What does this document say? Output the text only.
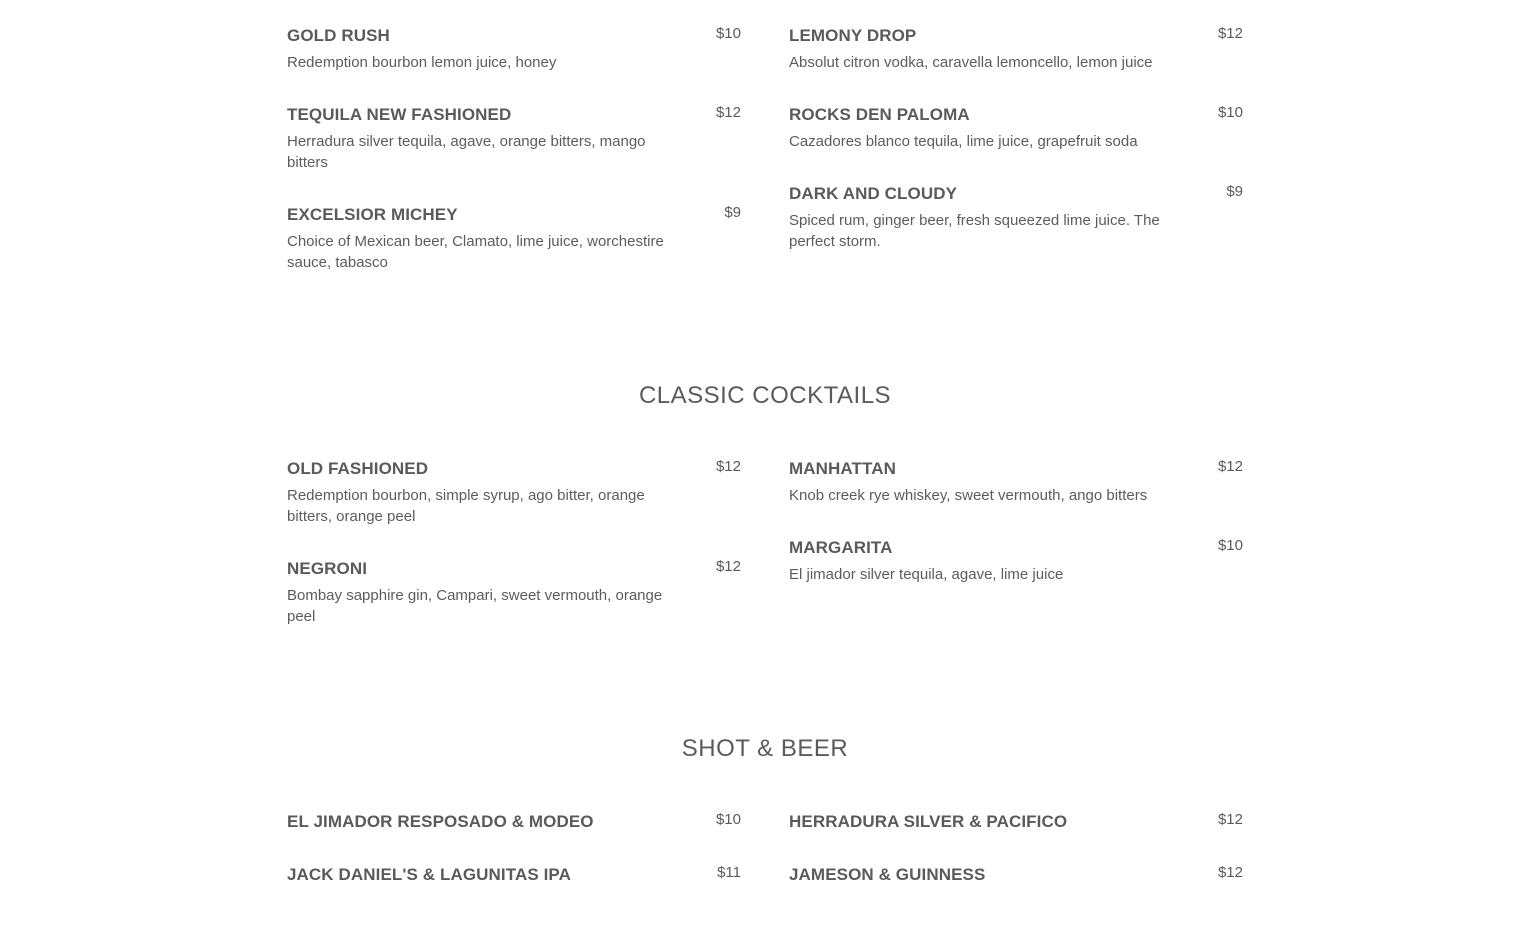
GOLD RUSH	$10
Redemption bourbon lemon juice, honey
TEQUILA NEW FASHIONED	$12
Herradura silver tequila, agave, orange bitters, mango bitters
EXCELSIOR MICHEY	$9
Choice of Mexican beer, Clamato, lime juice, worchestire sauce, tabasco
LEMONY DROP	$12
Absolut citron vodka, caravella lemoncello, lemon juice
ROCKS DEN PALOMA	$10
Cazadores blanco tequila, lime juice, grapefruit soda
DARK AND CLOUDY	$9
Spiced rum, ginger beer, fresh squeezed lime juice. The perfect storm.
CLASSIC COCKTAILS
OLD FASHIONED	$12
Redemption bourbon, simple syrup, ago bitter, orange bitters, orange peel
NEGRONI	$12
Bombay sapphire gin, Campari, sweet vermouth, orange peel
MANHATTAN	$12
Knob creek rye whiskey, sweet vermouth, ango bitters
MARGARITA	$10
El jimador silver tequila, agave, lime juice
SHOT & BEER
EL JIMADOR RESPOSADO & MODEO	$10
JACK DANIEL'S & LAGUNITAS IPA	$11
HERRADURA SILVER & PACIFICO	$12
JAMESON & GUINNESS	$12
